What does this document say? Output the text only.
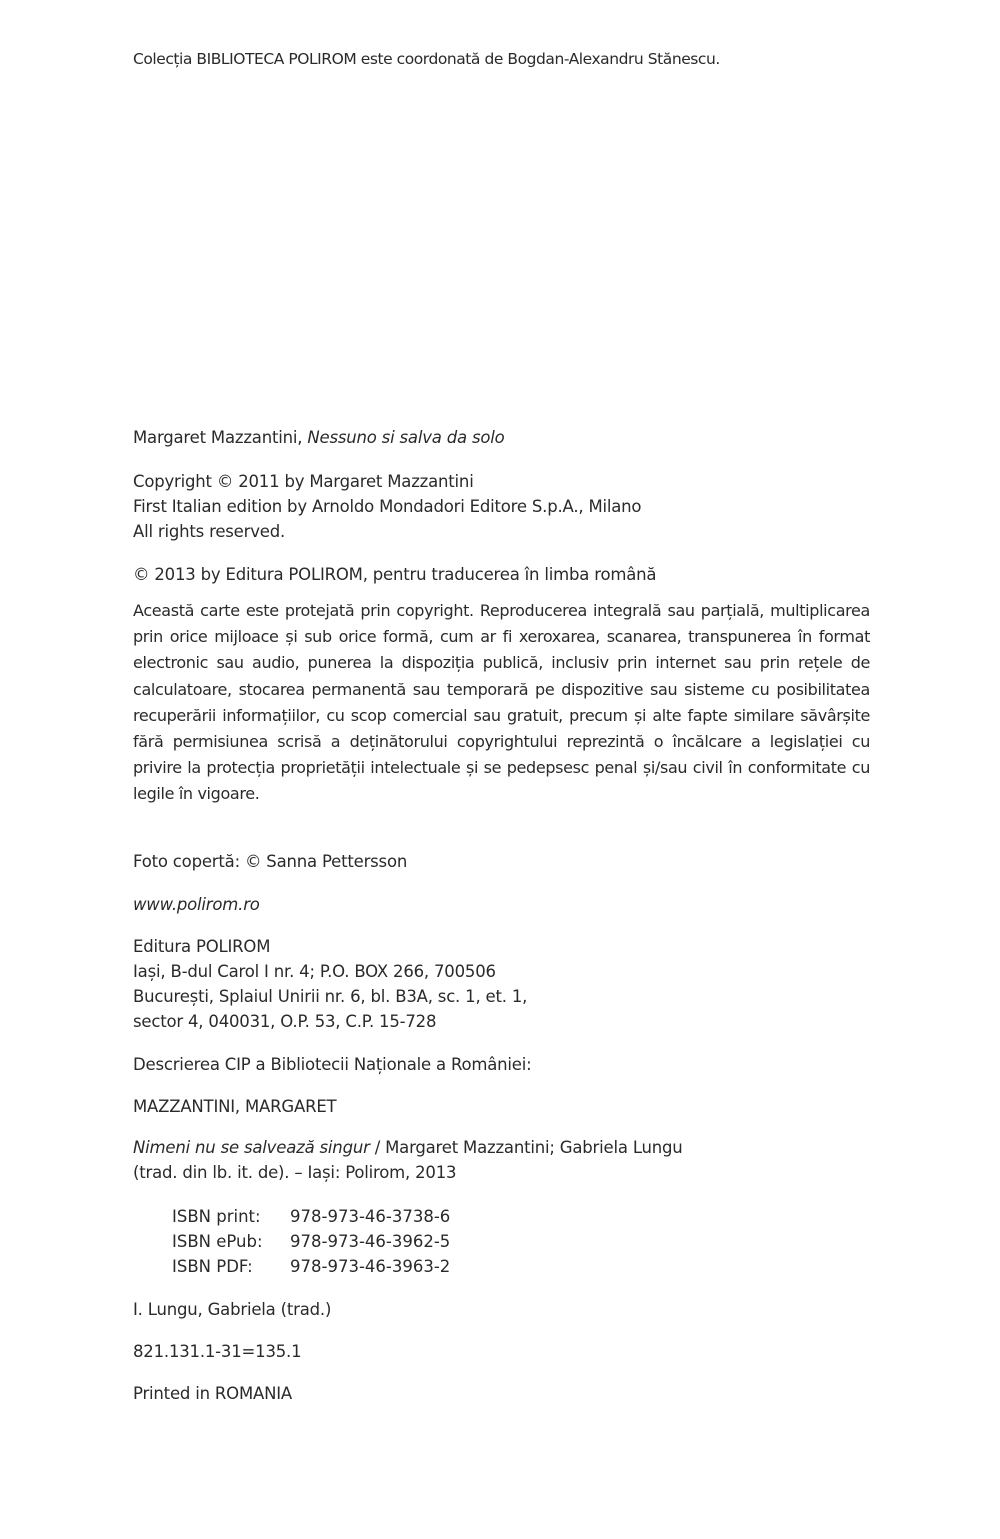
Colecția BIBLIOTECA POLIROM este coordonată de Bogdan-Alexandru Stănescu.
Margaret Mazzantini, Nessuno si salva da solo
Copyright © 2011 by Margaret Mazzantini
First Italian edition by Arnoldo Mondadori Editore S.p.A., Milano
All rights reserved.
© 2013 by Editura POLIROM, pentru traducerea în limba română
Această carte este protejată prin copyright. Reproducerea integrală sau parțială, multiplicarea prin orice mijloace și sub orice formă, cum ar fi xeroxarea, scanarea, transpunerea în format electronic sau audio, punerea la dispoziția publică, inclusiv prin internet sau prin rețele de calculatoare, stocarea permanentă sau temporară pe dispozitive sau sisteme cu posibilitatea recuperării informațiilor, cu scop comercial sau gratuit, precum și alte fapte similare săvârșite fără permisiunea scrisă a deținătorului copyrightului reprezintă o încălcare a legislației cu privire la protecția proprietății intelectuale și se pedepsesc penal și/sau civil în conformitate cu legile în vigoare.
Foto copertă: © Sanna Pettersson
www.polirom.ro
Editura POLIROM
Iași, B-dul Carol I nr. 4; P.O. BOX 266, 700506
București, Splaiul Unirii nr. 6, bl. B3A, sc. 1, et. 1,
sector 4, 040031, O.P. 53, C.P. 15-728
Descrierea CIP a Bibliotecii Naționale a României:
MAZZANTINI, MARGARET
Nimeni nu se salvează singur / Margaret Mazzantini; Gabriela Lungu
(trad. din lb. it. de). – Iași: Polirom, 2013
ISBN print: 978-973-46-3738-6
ISBN ePub: 978-973-46-3962-5
ISBN PDF: 978-973-46-3963-2
I. Lungu, Gabriela (trad.)
821.131.1-31=135.1
Printed in ROMANIA
